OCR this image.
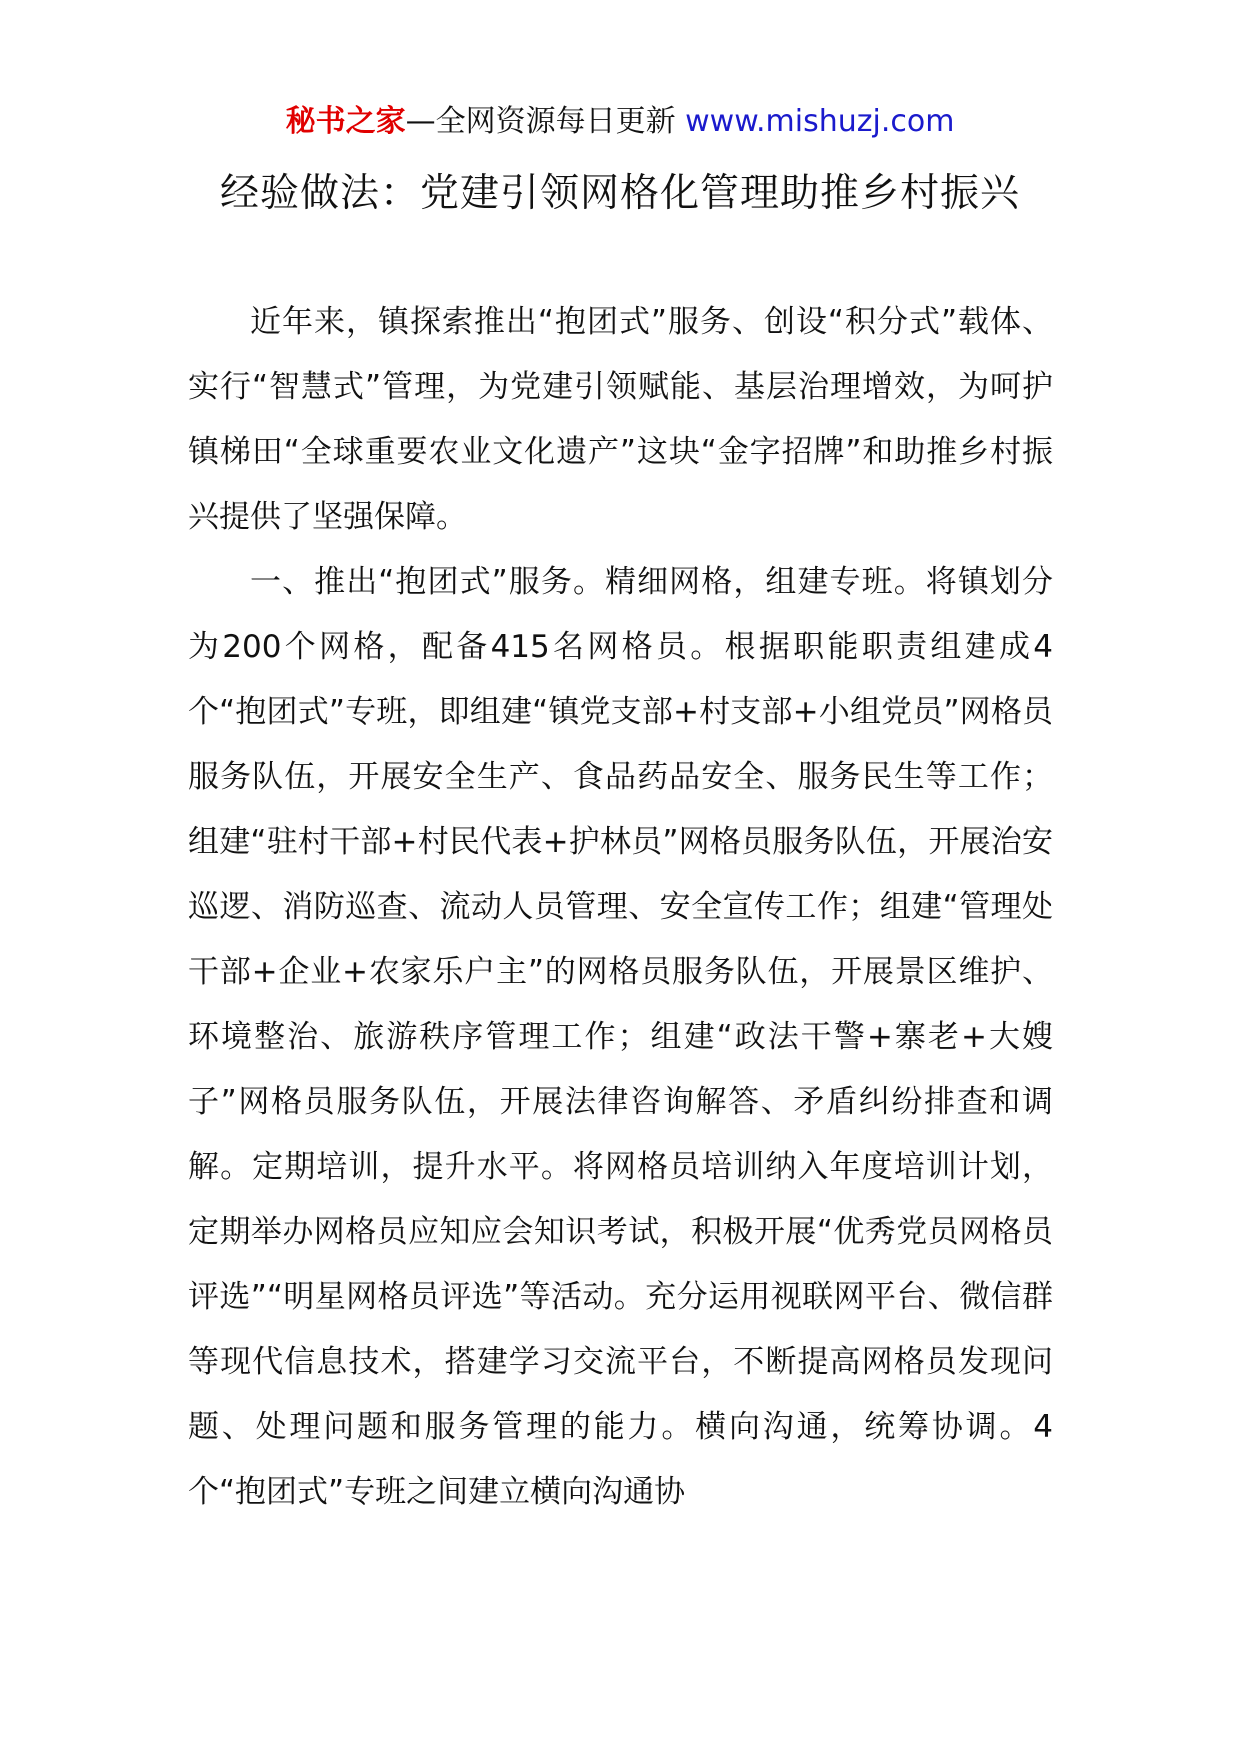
秘书之家—全网资源每日更新 www.mishuzj.com
经验做法：党建引领网格化管理助推乡村振兴

近年来，镇探索推出“抱团式”服务、创设“积分式”载体、实行“智慧式”管理，为党建引领赋能、基层治理增效，为呵护镇梯田“全球重要农业文化遗产”这块“金字招牌”和助推乡村振兴提供了坚强保障。

一、推出“抱团式”服务。精细网格，组建专班。将镇划分为200个网格，配备415名网格员。根据职能职责组建成4个“抱团式”专班，即组建“镇党支部+村支部+小组党员”网格员服务队伍，开展安全生产、食品药品安全、服务民生等工作；组建“驻村干部+村民代表+护林员”网格员服务队伍，开展治安巡逻、消防巡查、流动人员管理、安全宣传工作；组建“管理处干部+企业+农家乐户主”的网格员服务队伍，开展景区维护、环境整治、旅游秩序管理工作；组建“政法干警+寨老+大嫂子”网格员服务队伍，开展法律咨询解答、矛盾纠纷排查和调解。定期培训，提升水平。将网格员培训纳入年度培训计划，定期举办网格员应知应会知识考试，积极开展“优秀党员网格员评选”“明星网格员评选”等活动。充分运用视联网平台、微信群等现代信息技术，搭建学习交流平台，不断提高网格员发现问题、处理问题和服务管理的能力。横向沟通，统筹协调。4个“抱团式”专班之间建立横向沟通协
